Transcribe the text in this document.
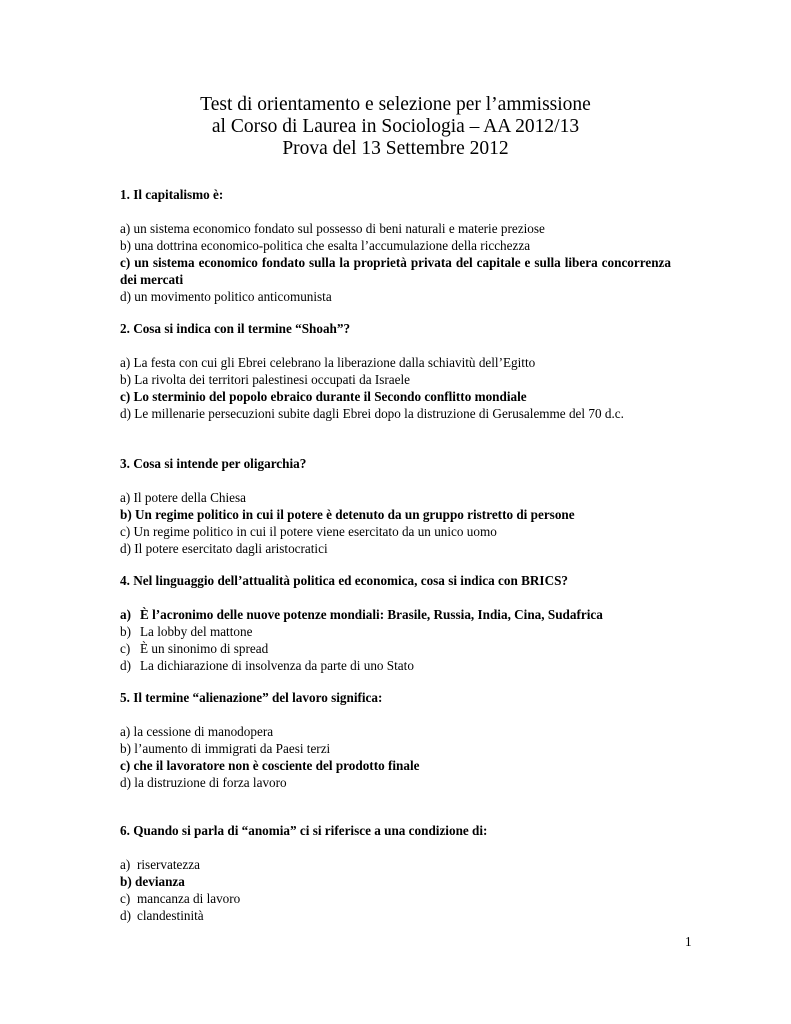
Test di orientamento e selezione per l’ammissione
al Corso di Laurea in Sociologia – AA 2012/13
Prova del 13 Settembre 2012
1. Il capitalismo è:
a) un sistema economico fondato sul possesso di beni naturali e materie preziose
b) una dottrina economico-politica che esalta l’accumulazione della ricchezza
c) un sistema economico fondato sulla la proprietà privata del capitale e sulla libera concorrenza dei mercati
d) un movimento politico anticomunista
2. Cosa si indica con il termine “Shoah”?
a) La festa con cui gli Ebrei celebrano la liberazione dalla schiavitù dell’Egitto
b) La rivolta dei territori palestinesi occupati da Israele
c) Lo sterminio del popolo ebraico durante il Secondo conflitto mondiale
d) Le millenarie persecuzioni subite dagli Ebrei dopo la distruzione di Gerusalemme del 70 d.c.
3. Cosa si intende per oligarchia?
a) Il potere della Chiesa
b) Un regime politico in cui il potere è detenuto da un gruppo ristretto di persone
c) Un regime politico in cui il potere viene esercitato da un unico uomo
d) Il potere esercitato dagli aristocratici
4. Nel linguaggio dell’attualità politica ed economica, cosa si indica con BRICS?
a) È l’acronimo delle nuove potenze mondiali: Brasile, Russia, India, Cina, Sudafrica
b) La lobby del mattone
c) È un sinonimo di spread
d) La dichiarazione di insolvenza da parte di uno Stato
5. Il termine “alienazione” del lavoro significa:
a) la cessione di manodopera
b) l’aumento di immigrati da Paesi terzi
c) che il lavoratore non è cosciente del prodotto finale
d) la distruzione di forza lavoro
6. Quando si parla di “anomia” ci si riferisce a una condizione di:
a) riservatezza
b) devianza
c) mancanza di lavoro
d) clandestinità
1
